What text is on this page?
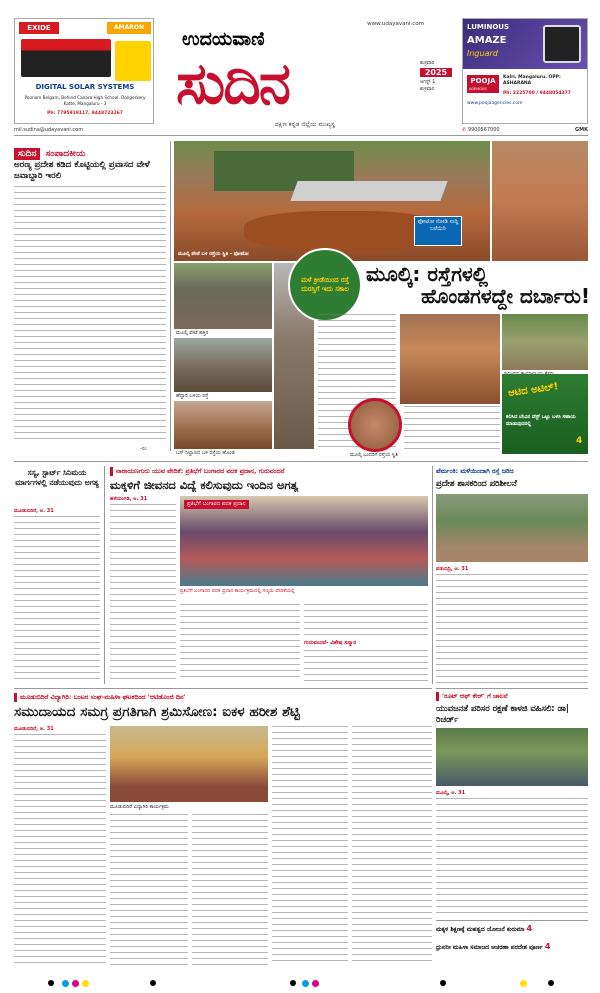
EXIDE	AMARON
DIGITAL SOLAR SYSTEMS
Poonam Belgam, Behind Canara High School, Dongerkery Katte, Mangaluru - 3
Ph: 7795919117, 9448723267
mil.sudina@udayavani.com
ಉದಯವಾಣಿ
www.udayavani.com
ಸುದಿನ
ದಕ್ಷಿಣ ಕನ್ನಡ ಜಿಲ್ಲೆಯ ಮುಖ್ಯಸ್ಥ
ಶುಕ್ರವಾರ
2025
ಆಗಸ್ಟ್ 1
ಶುಕ್ರವಾರ
LUMINOUS
AMAZE
Inguard
POOJA
AGENCIES
Kalri, Mangaluru. OPP: ASHARANA
Ph: 2225700 / 9448054377
www.poojaagencies.com
✆ 9900567000	GMK
ಸುದಿನ ಸಂಪಾದಕೀಯ
ಅರಣ್ಯ ಪ್ರದೇಶ ಕಡಿದ ಕೊಟ್ಟಿಯಲ್ಲಿ ಪ್ರವಾಸದ ವೇಳೆ ಜವಾಬ್ದಾರಿ ಇರಲಿ
-ಸಂ
ಫೋಟೋ ನೋಡಿ ಸುದ್ದಿ ಬರೆಯಿರಿ
ಮೂಲ್ಕಿ ಪೇಟೆ ಬಳಿ ರಸ್ತೆಯ ಸ್ಥಿತಿ - ಫೋಟೋ
ಮೂಲ್ಕಿ ಪೇಟೆ ಹತ್ತಿರ
ಹೆದ್ದಾರಿ ಬಳಿಯ ರಸ್ತೆ
ಬಸ್ ನಿಲ್ದಾಣದ ಬಳಿ ರಸ್ತೆಯ ಹೊಂಡ
ಮಳೆ ಕ್ರೀಡೆಯಿಂದ ರಸ್ತೆ ದುರಸ್ತಿಗೆ ಇದು ಸಕಾಲ
ಮೂಲ್ಕಿ: ರಸ್ತೆಗಳಲ್ಲಿ
ಹೊಂಡಗಳದ್ದೇ ದರ್ಬಾರು!
ಮೂಲ್ಕಿ ಬಂದರಿಗೆ ರಸ್ತೆಯ ಸ್ಥಿತಿ
ಆಟಿದ ಅಟಿಲ್!
ಕಲಿಸಿದ ಬೇವಿನ ವೆಸ್ಟ್ ಒಟ್ಟು ಬಳಸಿ ಸಹಾಯ ಮಾಡುವುದರಲ್ಲಿ
4
ಸಸ್ಯ, ಸ್ಟಾರ್ಟ್ ಸಿನಿಮಯ ಮಾರ್ಗಗಳಲ್ಲಿ ನಡೆಯುವುದು ಅಗತ್ಯ
ಮೂಡುಬಿದಿರೆ, ಆ. 31
ನಾರಾಯಣಗುರು ಯುವ ವೇದಿಕೆ: ಪ್ರತಿಭೆಗೆ ಬಂಗಾರದ ಪದಕ ಪ್ರದಾನ, ಗುರುವಂದನೆ
ಮಕ್ಕಳಿಗೆ ಜೀವನದ ವಿದ್ಯೆ ಕಲಿಸುವುದು ಇಂದಿನ ಅಗತ್ಯ
ಹಳೆಯಂಗಡಿ, ಆ. 31
ಪ್ರತಿಭೆಗೆ ಬಂಗಾರದ ಪದಕ ಪ್ರದಾನ
ಪ್ರತಿಭೆಗೆ ಬಂಗಾರದ ಪದಕ ಪ್ರದಾನ ಕಾರ್ಯಕ್ರಮದಲ್ಲಿ ಗಣ್ಯರು ವೇದಿಕೆಯಲ್ಲಿ
ಗುರುವಂದನೆ- ವಿಶೇಷ ಸನ್ಮಾನ
ಪೆರ್ಮಂಕಿ: ಮಳೆಯಿಂದಾಗಿ ರಸ್ತೆ ಜರಿದ
ಪ್ರದೇಶ ಶಾಸಕರಿಂದ ಪರಿಶೀಲನೆ
ಪಡುಬಿದ್ರಿ, ಆ. 31
'ರೂಟ್ ಆಫ್ ಕೇರ್' ಗೆ ಚಾಲನೆ
ಯುವಜನತೆ ಪರಿಸರ ರಕ್ಷಣೆ ಕಾಳಜಿ ವಹಿಸಲಿ: ಡಾ| ರಿಚರ್ಡ್
ಮೂಲ್ಕಿ, ಆ. 31
ಮೂಡುಬಿದಿರೆ ವಿದ್ಯಾಗಿರಿ: ಬಂಟರ ಸಂಘ-ಮಹಿಳಾ ಘಟಕದಿಂದ 'ಆಟಿಡೊಂಜಿ ದಿನ'
ಸಮುದಾಯದ ಸಮಗ್ರ ಪ್ರಗತಿಗಾಗಿ ಶ್ರಮಿಸೋಣ: ಐಕಳ ಹರೀಶ ಶೆಟ್ಟಿ
ಮೂಡುಬಿದಿರೆ, ಆ. 31
ಮೂಡುಬಿದಿರೆ ವಿದ್ಯಾಗಿರಿ ಕಾರ್ಯಕ್ರಮ
ಮಕ್ಕಳ ಶಿಕ್ಷಣಕ್ಕೆ ಮಹತ್ವದ ಯೋಜನೆ ಕುರುಮಾ 4
ಧ್ರುವರೀ ಮಹಿಳಾ ಸಮಾಜದ ಆಚರಣಾ ಪರದೇಶ ಪೂರ್ಣ 4
